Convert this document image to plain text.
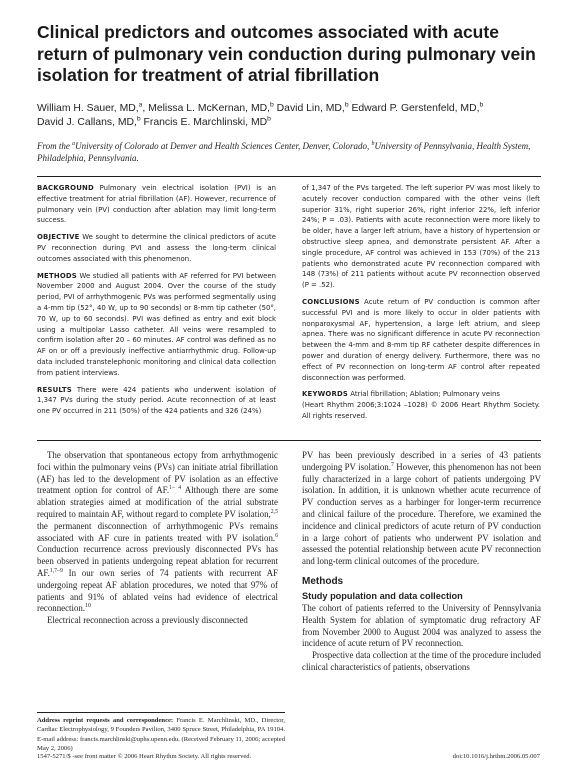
Clinical predictors and outcomes associated with acute return of pulmonary vein conduction during pulmonary vein isolation for treatment of atrial fibrillation
William H. Sauer, MD,$^a$, Melissa L. McKernan, MD,$^b$ David Lin, MD,$^b$ Edward P. Gerstenfeld, MD,$^b$
David J. Callans, MD,$^b$ Francis E. Marchlinski, $MD^b$
From the $^a$University of Colorado at Denver and Health Sciences Center, Denver, Colorado, $^b$University of Pennsylvania, Health System, Philadelphia, Pennsylvania.

BACKGROUND Pulmonary vein electrical isolation (PVI) is an effective treatment for atrial fibrillation (AF). However, recurrence of pulmonary vein (PV) conduction after ablation may limit long-term success.

OBJECTIVE We sought to determine the clinical predictors of acute PV reconnection during PVI and assess the long-term clinical outcomes associated with this phenomenon.

METHODS We studied all patients with AF referred for PVI between November 2000 and August 2004. Over the course of the study period, PVI of arrhythmogenic PVs was performed segmentally using a 4-mm tip (52°, 40 W, up to 90 seconds) or 8-mm tip catheter (50°, 70 W, up to 60 seconds). PVI was defined as entry and exit block using a multipolar Lasso catheter. All veins were resampled to confirm isolation after 20 – 60 minutes. AF control was defined as no AF on or off a previously ineffective antiarrhythmic drug. Follow-up data included transtelephonic monitoring and clinical data collection from patient interviews.

RESULTS There were 424 patients who underwent isolation of 1,347 PVs during the study period. Acute reconnection of at least one PV occurred in 211 (50%) of the 424 patients and 326 (24%)

of 1,347 of the PVs targeted. The left superior PV was most likely to acutely recover conduction compared with the other veins (left superior 31%, right superior 26%, right inferior 22%, left inferior 24%; P = .03). Patients with acute reconnection were more likely to be older, have a larger left atrium, have a history of hypertension or obstructive sleep apnea, and demonstrate persistent AF. After a single procedure, AF control was achieved in 153 (70%) of the 213 patients who demonstrated acute PV reconnection compared with 148 (73%) of 211 patients without acute PV reconnection observed (P = .52).

CONCLUSIONS Acute return of PV conduction is common after successful PVI and is more likely to occur in older patients with nonparoxysmal AF, hypertension, a large left atrium, and sleep apnea. There was no significant difference in acute PV reconnection between the 4-mm and 8-mm tip RF catheter despite differences in power and duration of energy delivery. Furthermore, there was no effect of PV reconnection on long-term AF control after repeated disconnection was performed.

KEYWORDS Atrial fibrillation; Ablation; Pulmonary veins

(Heart Rhythm 2006;3:1024 –1028) © 2006 Heart Rhythm Society. All rights reserved.

The observation that spontaneous ectopy from arrhythmogenic foci within the pulmonary veins (PVs) can initiate atrial fibrillation (AF) has led to the development of PV isolation as an effective treatment option for control of AF.$^{1- 4}$ Although there are some ablation strategies aimed at modification of the atrial substrate required to maintain AF, without regard to complete PV isolation,$^{2,5}$ the permanent disconnection of arrhythmogenic PVs remains associated with AF cure in patients treated with PV isolation.$^6$ Conduction recurrence across previously disconnected PVs has been observed in patients undergoing repeat ablation for recurrent AF.$^{1,7-9}$ In our own series of 74 patients with recurrent AF undergoing repeat AF ablation procedures, we noted that 97% of patients and 91% of ablated veins had evidence of electrical reconnection.$^{10}$

Electrical reconnection across a previously disconnected

PV has been previously described in a series of 43 patients undergoing PV isolation.$^7$ However, this phenomenon has not been fully characterized in a large cohort of patients undergoing PV isolation. In addition, it is unknown whether acute recurrence of PV conduction serves as a harbinger for longer-term recurrence and clinical failure of the procedure. Therefore, we examined the incidence and clinical predictors of acute return of PV conduction in a large cohort of patients who underwent PV isolation and assessed the potential relationship between acute PV reconnection and long-term clinical outcomes of the procedure.

Methods
Study population and data collection

The cohort of patients referred to the University of Pennsylvania Health System for ablation of symptomatic drug refractory AF from November 2000 to August 2004 was analyzed to assess the incidence of acute return of PV reconnection.

Prospective data collection at the time of the procedure included clinical characteristics of patients, observations

Address reprint requests and correspondence: Francis E. Marchlinski, MD., Director, Cardiac Electrophysiology, 9 Founders Pavilion, 3400 Spruce Street, Philadelphia, PA 19104. E-mail address: francis.marchlinski@uphs.upenn.edu. (Received February 11, 2006; accepted May 2, 2006)
1547-5271/$ -see front matter © 2006 Heart Rhythm Society. All rights reserved.	doi:10.1016/j.hrthm.2006.05.007
